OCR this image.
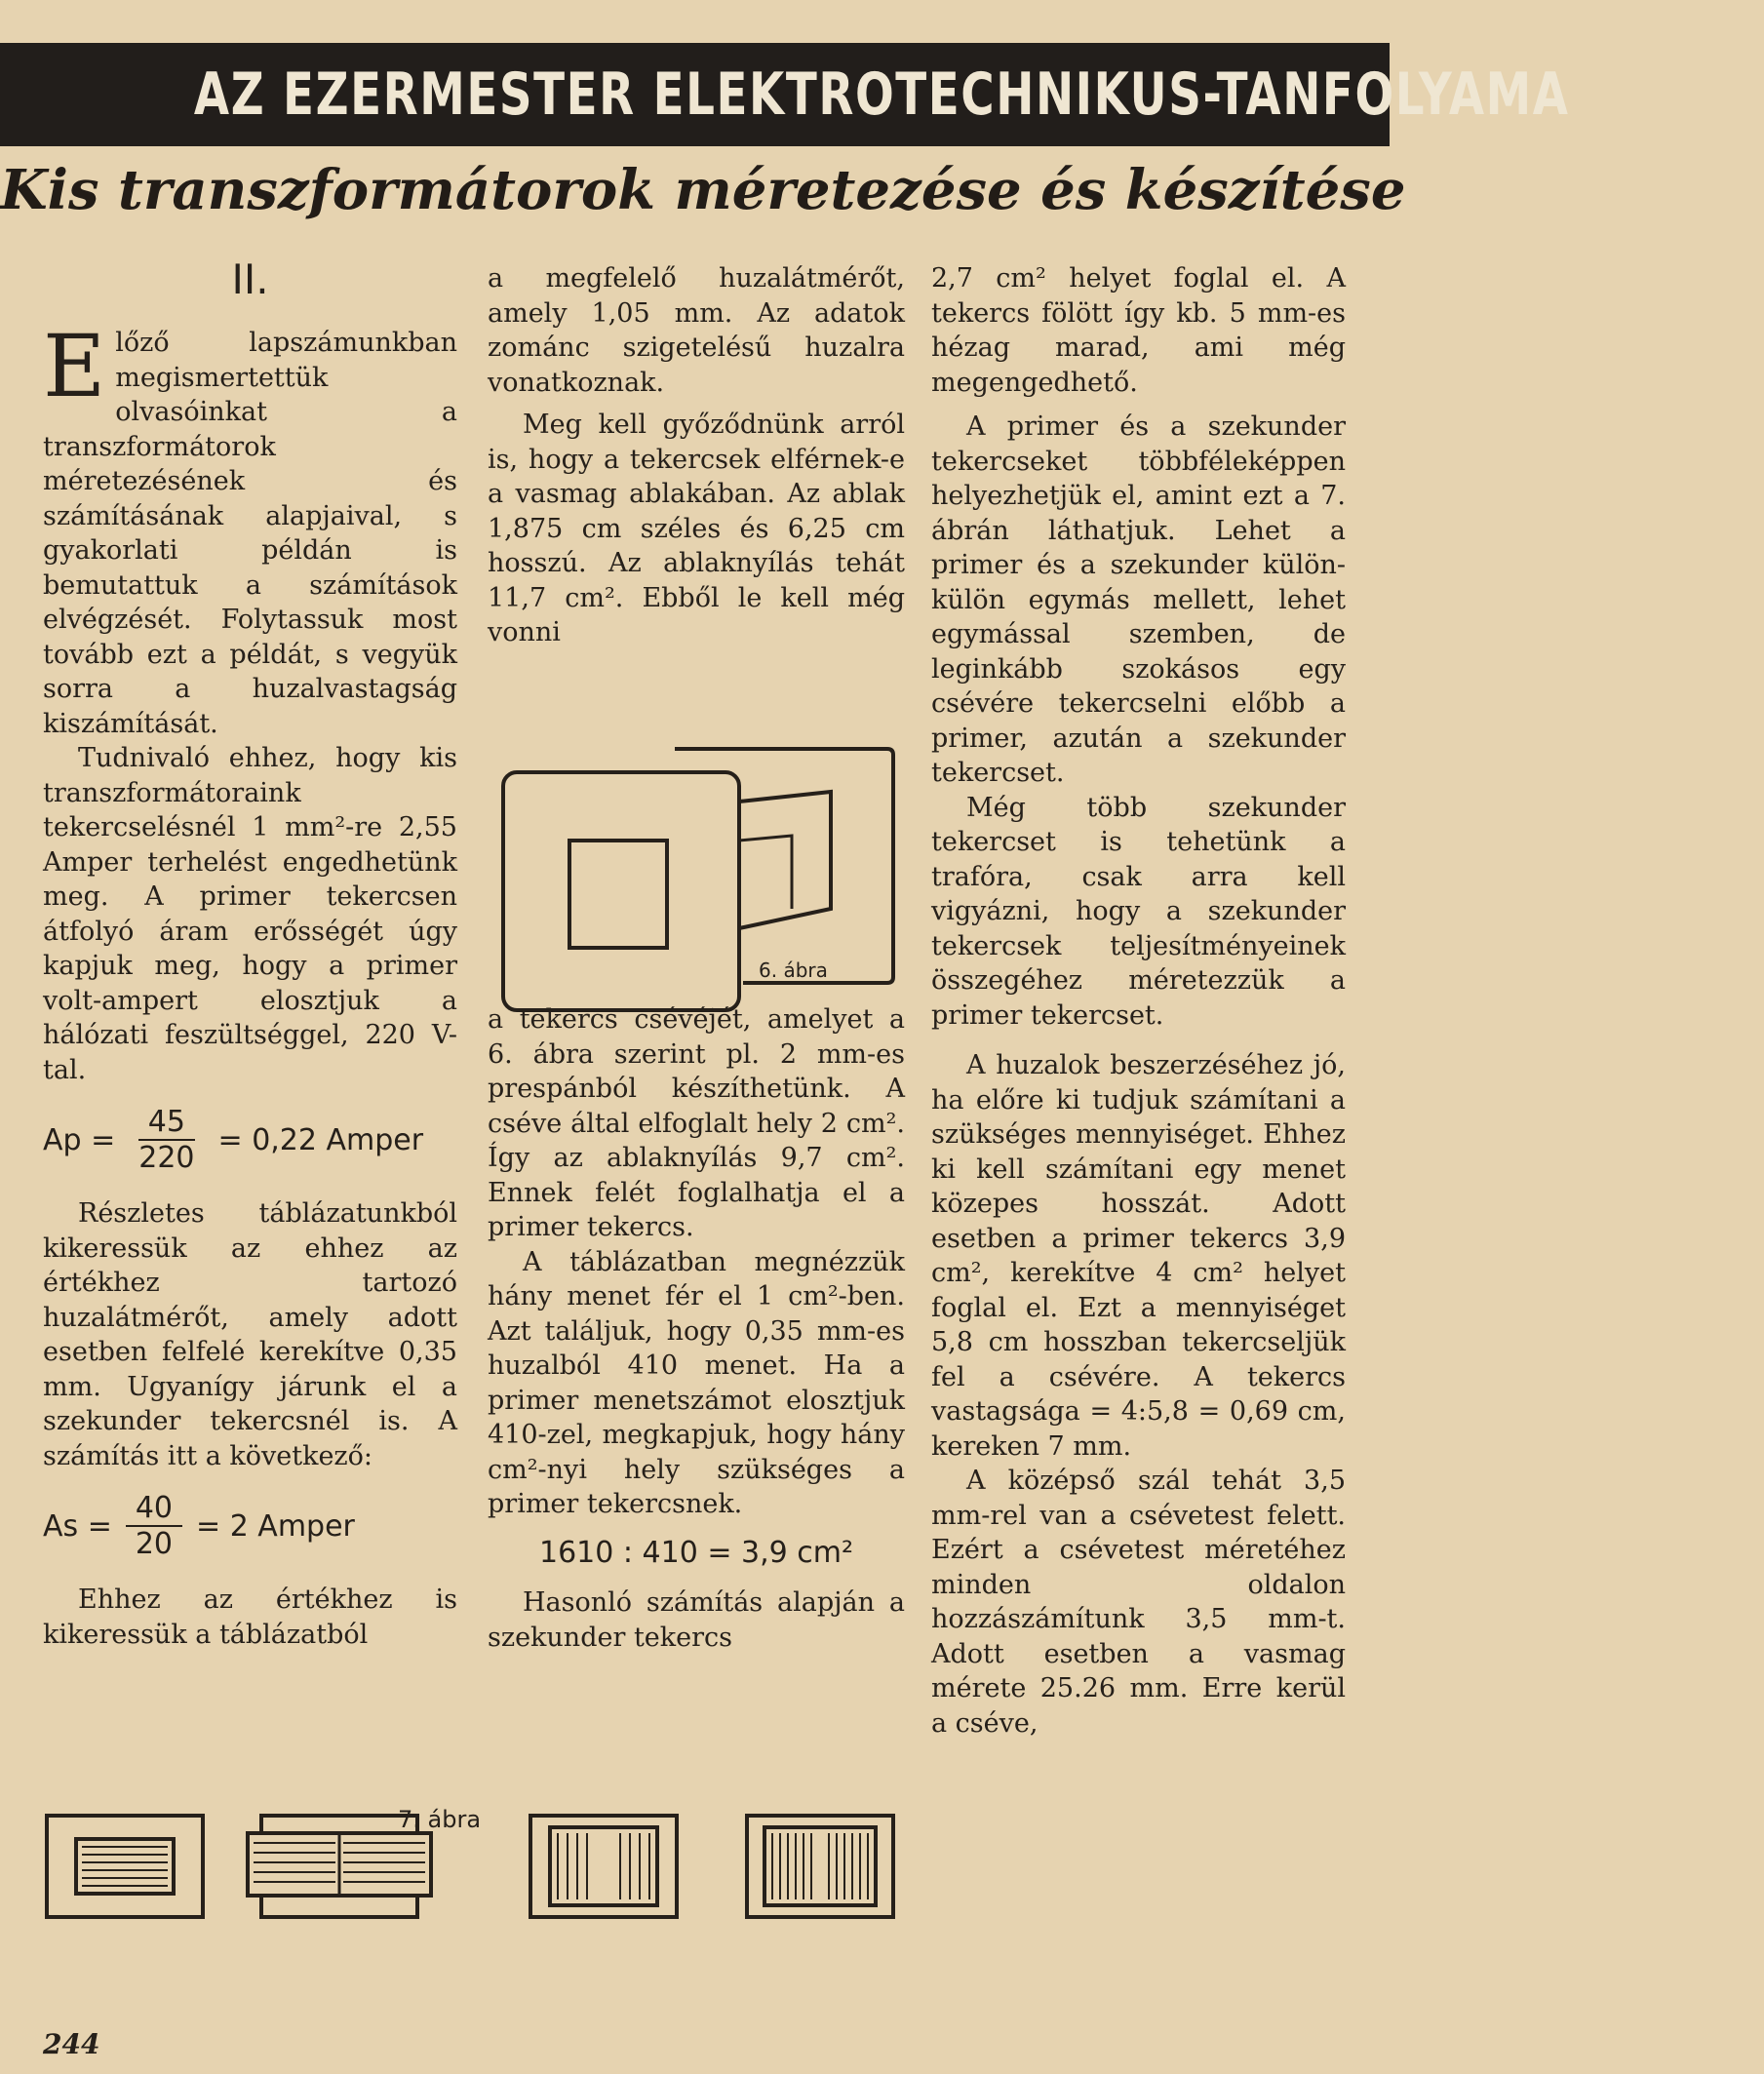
AZ EZERMESTER ELEKTROTECHNIKUS-TANFOLYAMA
Kis transzformátorok méretezése és készítése
II.

Előző lapszámunkban megismertettük olvasóinkat a transzformátorok méretezésének és számításának alapjaival, s gyakorlati példán is bemutattuk a számítások elvégzését. Folytassuk most tovább ezt a példát, s vegyük sorra a huzalvastagság kiszámítását.

Tudnivaló ehhez, hogy kis transzformátoraink tekercselésnél 1 mm²-re 2,55 Amper terhelést engedhetünk meg. A primer tekercsen átfolyó áram erősségét úgy kapjuk meg, hogy a primer volt-ampert elosztjuk a hálózati feszültséggel, 220 V-tal.

$Ap = \frac{45}{220} = 0,22$ Amper

Részletes táblázatunkból kikeressük az ehhez az értékhez tartozó huzalátmérőt, amely adott esetben felfelé kerekítve 0,35 mm. Ugyanígy járunk el a szekunder tekercsnél is. A számítás itt a következő:

$As = \frac{40}{20} = 2$ Amper

Ehhez az értékhez is kikeressük a táblázatból

a megfelelő huzalátmérőt, amely 1,05 mm. Az adatok zománc szigetelésű huzalra vonatkoznak.

Meg kell győződnünk arról is, hogy a tekercsek elférnek-e a vasmag ablakában. Az ablak 1,875 cm széles és 6,25 cm hosszú. Az ablaknyílás tehát 11,7 cm². Ebből le kell még vonni

6. ábra

a tekercs csévéjét, amelyet a 6. ábra szerint pl. 2 mm-es prespánból készíthetünk. A cséve által elfoglalt hely 2 cm². Így az ablaknyílás 9,7 cm². Ennek felét foglalhatja el a primer tekercs.

A táblázatban megnézzük hány menet fér el 1 cm²-ben. Azt találjuk, hogy 0,35 mm-es huzalból 410 menet. Ha a primer menetszámot elosztjuk 410-zel, megkapjuk, hogy hány cm²-nyi hely szükséges a primer tekercsnek.

1610 : 410 = 3,9 cm²

Hasonló számítás alapján a szekunder tekercs

2,7 cm² helyet foglal el. A tekercs fölött így kb. 5 mm-es hézag marad, ami még megengedhető.

A primer és a szekunder tekercseket többféleképpen helyezhetjük el, amint ezt a 7. ábrán láthatjuk. Lehet a primer és a szekunder külön-külön egymás mellett, lehet egymással szemben, de leginkább szokásos egy csévére tekercselni előbb a primer, azután a szekunder tekercset.

Még több szekunder tekercset is tehetünk a trafóra, csak arra kell vigyázni, hogy a szekunder tekercsek teljesítményeinek összegéhez méretezzük a primer tekercset.

A huzalok beszerzéséhez jó, ha előre ki tudjuk számítani a szükséges mennyiséget. Ehhez ki kell számítani egy menet közepes hosszát. Adott esetben a primer tekercs 3,9 cm², kerekítve 4 cm² helyet foglal el. Ezt a mennyiséget 5,8 cm hosszban tekercseljük fel a csévére. A tekercs vastagsága = 4:5,8 = 0,69 cm, kereken 7 mm.

A középső szál tehát 3,5 mm-rel van a csévetest felett. Ezért a csévetest méretéhez minden oldalon hozzászámítunk 3,5 mm-t. Adott esetben a vasmag mérete 25.26 mm. Erre kerül a cséve,

7. ábra
244
